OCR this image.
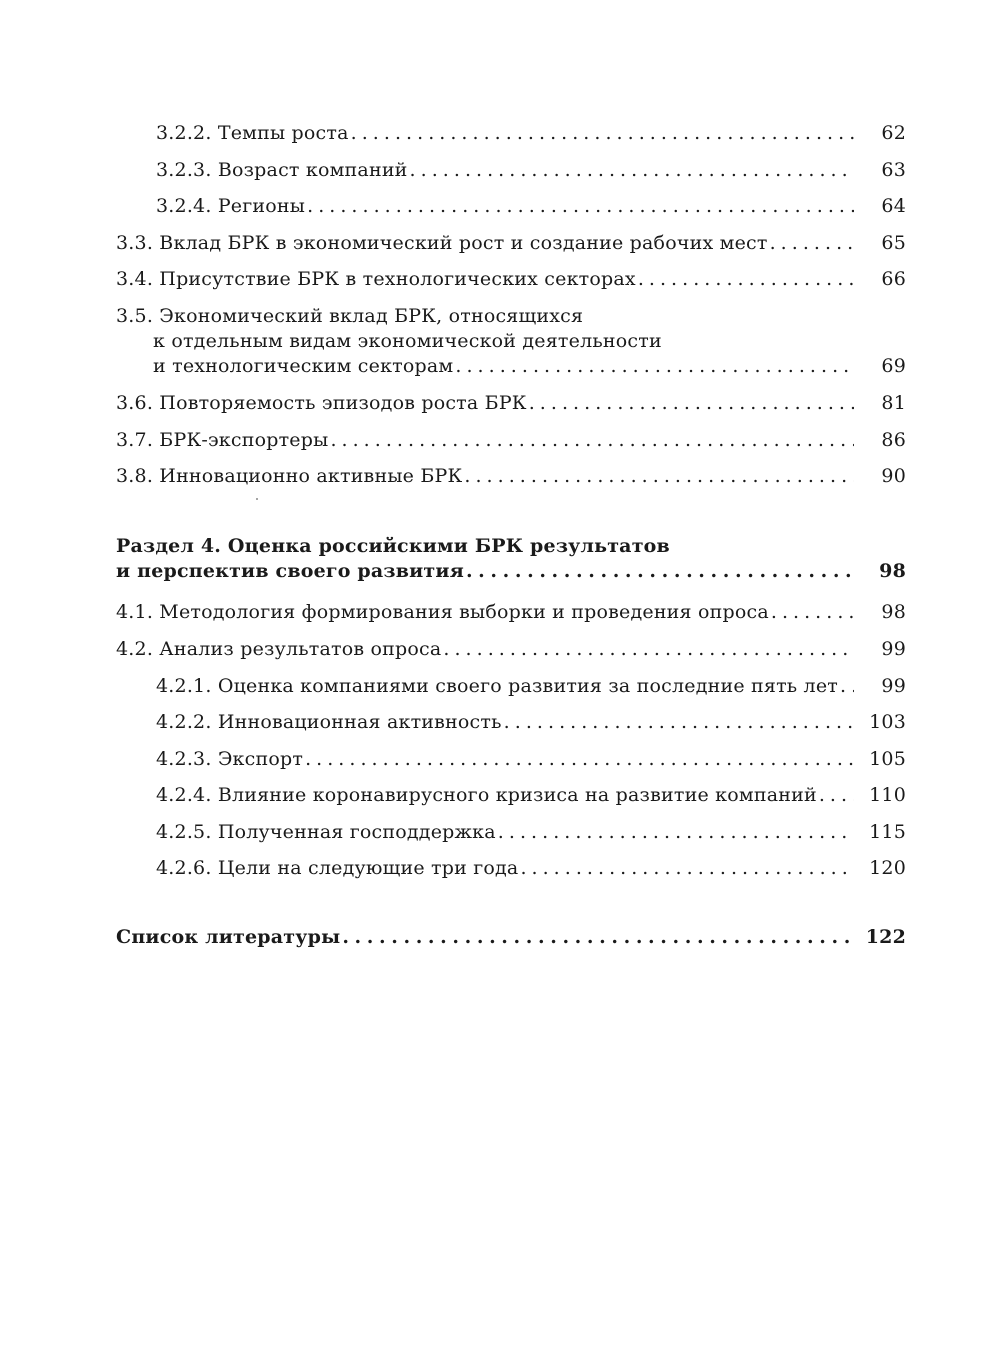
3.2.2. Темпы роста . . .	62
3.2.3. Возраст компаний . . .	63
3.2.4. Регионы . . .	64
3.3. Вклад БРК в экономический рост и создание рабочих мест . . .	65
3.4. Присутствие БРК в технологических секторах . . .	66
3.5. Экономический вклад БРК, относящихся
к отдельным видам экономической деятельности
и технологическим секторам . . .	69
3.6. Повторяемость эпизодов роста БРК . . .	81
3.7. БРК-экспортеры . . .	86
3.8. Инновационно активные БРК . . .	90
Раздел 4. Оценка российскими БРК результатов
и перспектив своего развития . . .	98
4.1. Методология формирования выборки и проведения опроса . . .	98
4.2. Анализ результатов опроса . . .	99
4.2.1. Оценка компаниями своего развития за последние пять лет . . .	99
4.2.2. Инновационная активность . . .	103
4.2.3. Экспорт . . .	105
4.2.4. Влияние коронавирусного кризиса на развитие компаний . . .	110
4.2.5. Полученная господдержка . . .	115
4.2.6. Цели на следующие три года . . .	120
Список литературы . . .	122
